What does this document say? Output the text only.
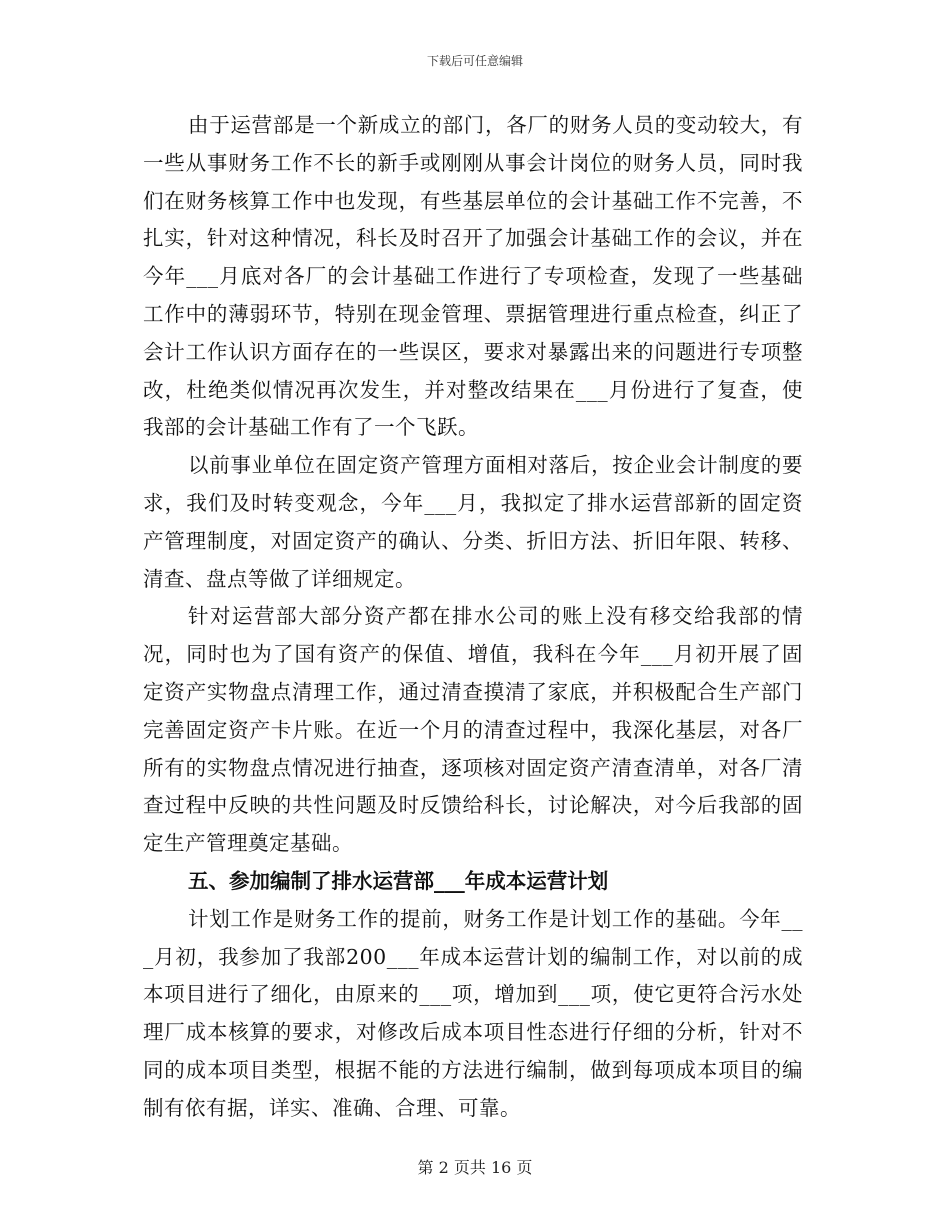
下载后可任意编辑

由于运营部是一个新成立的部门，各厂的财务人员的变动较大，有一些从事财务工作不长的新手或刚刚从事会计岗位的财务人员，同时我们在财务核算工作中也发现，有些基层单位的会计基础工作不完善，不扎实，针对这种情况，科长及时召开了加强会计基础工作的会议，并在今年___月底对各厂的会计基础工作进行了专项检查，发现了一些基础工作中的薄弱环节，特别在现金管理、票据管理进行重点检查，纠正了会计工作认识方面存在的一些误区，要求对暴露出来的问题进行专项整改，杜绝类似情况再次发生，并对整改结果在___月份进行了复查，使我部的会计基础工作有了一个飞跃。

以前事业单位在固定资产管理方面相对落后，按企业会计制度的要求，我们及时转变观念，今年___月，我拟定了排水运营部新的固定资产管理制度，对固定资产的确认、分类、折旧方法、折旧年限、转移、清查、盘点等做了详细规定。

针对运营部大部分资产都在排水公司的账上没有移交给我部的情况，同时也为了国有资产的保值、增值，我科在今年___月初开展了固定资产实物盘点清理工作，通过清查摸清了家底，并积极配合生产部门完善固定资产卡片账。在近一个月的清查过程中，我深化基层，对各厂所有的实物盘点情况进行抽查，逐项核对固定资产清查清单，对各厂清查过程中反映的共性问题及时反馈给科长，讨论解决，对今后我部的固定生产管理奠定基础。

五、参加编制了排水运营部___年成本运营计划

计划工作是财务工作的提前，财务工作是计划工作的基础。今年___月初，我参加了我部200___年成本运营计划的编制工作，对以前的成本项目进行了细化，由原来的___项，增加到___项，使它更符合污水处理厂成本核算的要求，对修改后成本项目性态进行仔细的分析，针对不同的成本项目类型，根据不能的方法进行编制，做到每项成本项目的编制有依有据，详实、准确、合理、可靠。

第 2 页共 16 页
